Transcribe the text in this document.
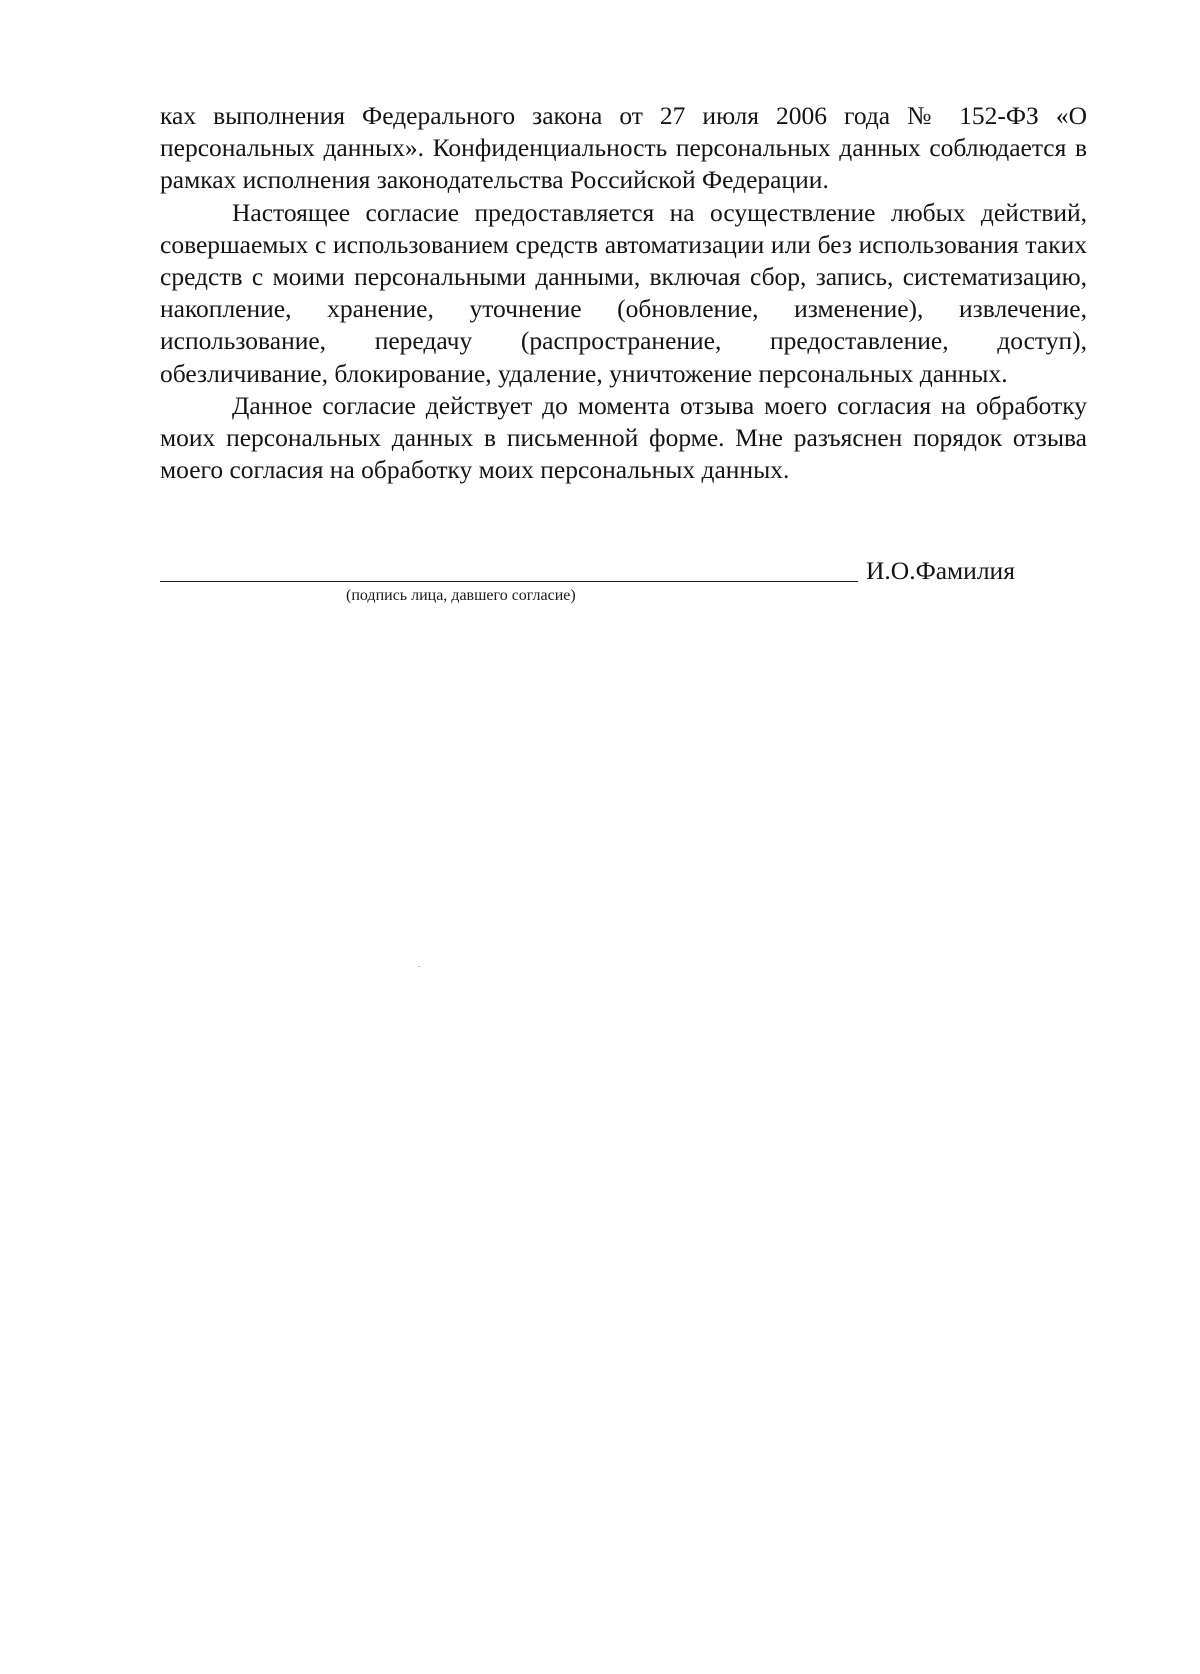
ках выполнения Федерального закона от 27 июля 2006 года № 152-ФЗ «О персональных данных». Конфиденциальность персональных данных соблюдается в рамках исполнения законодательства Российской Федерации.

Настоящее согласие предоставляется на осуществление любых действий, совершаемых с использованием средств автоматизации или без использования таких средств с моими персональными данными, включая сбор, запись, систематизацию, накопление, хранение, уточнение (обновление, изменение), извлечение, использование, передачу (распространение, предоставление, доступ), обезличивание, блокирование, удаление, уничтожение персональных данных.

Данное согласие действует до момента отзыва моего согласия на обработку моих персональных данных в письменной форме. Мне разъяснен порядок отзыва моего согласия на обработку моих персональных данных.

И.О.Фамилия
(подпись лица, давшего согласие)
